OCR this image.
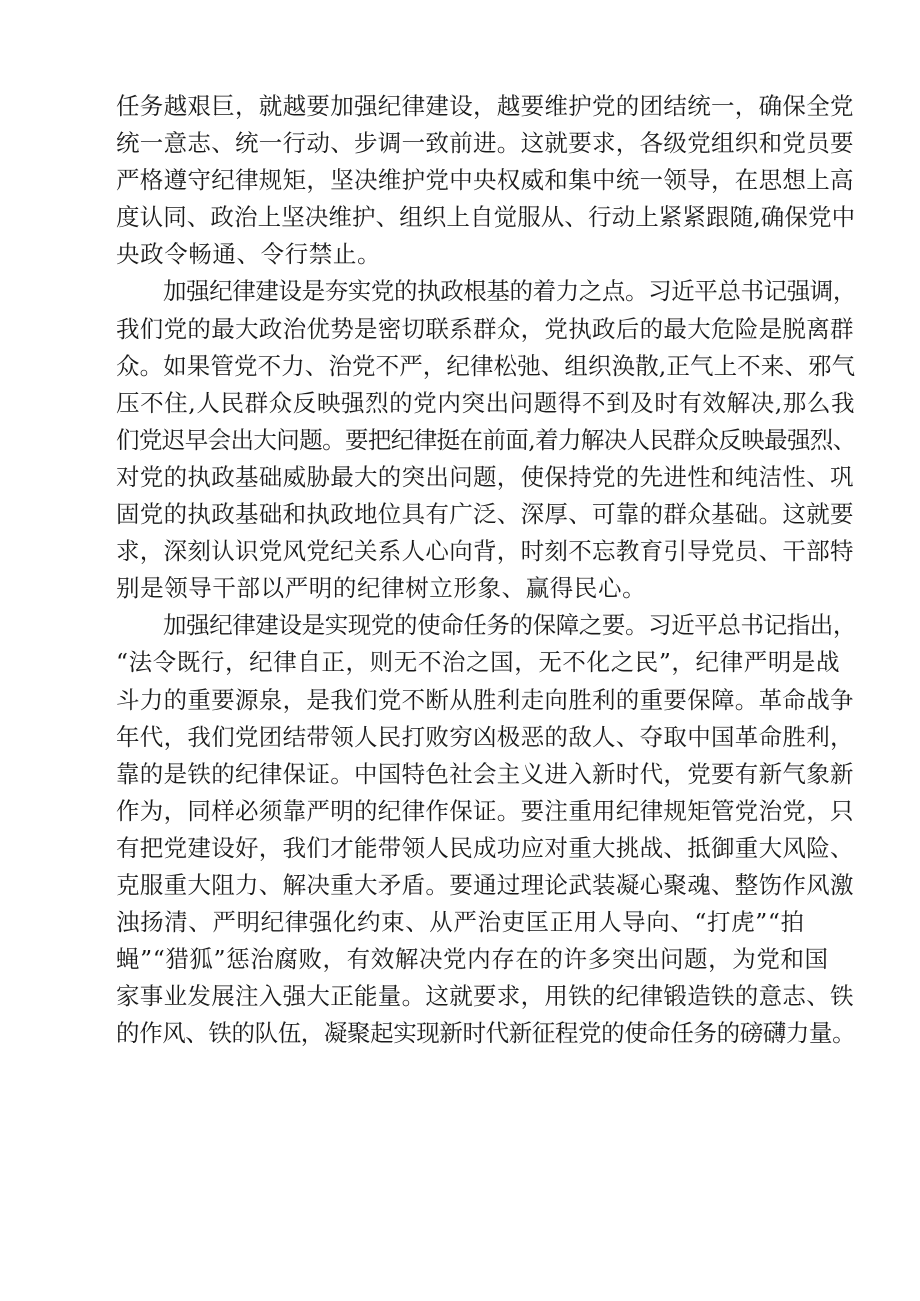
任务越艰巨，就越要加强纪律建设，越要维护党的团结统一，确保全党
统一意志、统一行动、步调一致前进。这就要求，各级党组织和党员要
严格遵守纪律规矩，坚决维护党中央权威和集中统一领导，在思想上高
度认同、政治上坚决维护、组织上自觉服从、行动上紧紧跟随,确保党中
央政令畅通、令行禁止。
加强纪律建设是夯实党的执政根基的着力之点。习近平总书记强调，
我们党的最大政治优势是密切联系群众，党执政后的最大危险是脱离群
众。如果管党不力、治党不严，纪律松弛、组织涣散,正气上不来、邪气
压不住,人民群众反映强烈的党内突出问题得不到及时有效解决,那么我
们党迟早会出大问题。要把纪律挺在前面,着力解决人民群众反映最强烈、
对党的执政基础威胁最大的突出问题，使保持党的先进性和纯洁性、巩
固党的执政基础和执政地位具有广泛、深厚、可靠的群众基础。这就要
求，深刻认识党风党纪关系人心向背，时刻不忘教育引导党员、干部特
别是领导干部以严明的纪律树立形象、赢得民心。
加强纪律建设是实现党的使命任务的保障之要。习近平总书记指出，
“法令既行，纪律自正，则无不治之国，无不化之民”，纪律严明是战
斗力的重要源泉，是我们党不断从胜利走向胜利的重要保障。革命战争
年代，我们党团结带领人民打败穷凶极恶的敌人、夺取中国革命胜利，
靠的是铁的纪律保证。中国特色社会主义进入新时代，党要有新气象新
作为，同样必须靠严明的纪律作保证。要注重用纪律规矩管党治党，只
有把党建设好，我们才能带领人民成功应对重大挑战、抵御重大风险、
克服重大阻力、解决重大矛盾。要通过理论武装凝心聚魂、整饬作风激
浊扬清、严明纪律强化约束、从严治吏匡正用人导向、“打虎”“拍
蝇”“猎狐”惩治腐败，有效解决党内存在的许多突出问题，为党和国
家事业发展注入强大正能量。这就要求，用铁的纪律锻造铁的意志、铁
的作风、铁的队伍，凝聚起实现新时代新征程党的使命任务的磅礴力量。
